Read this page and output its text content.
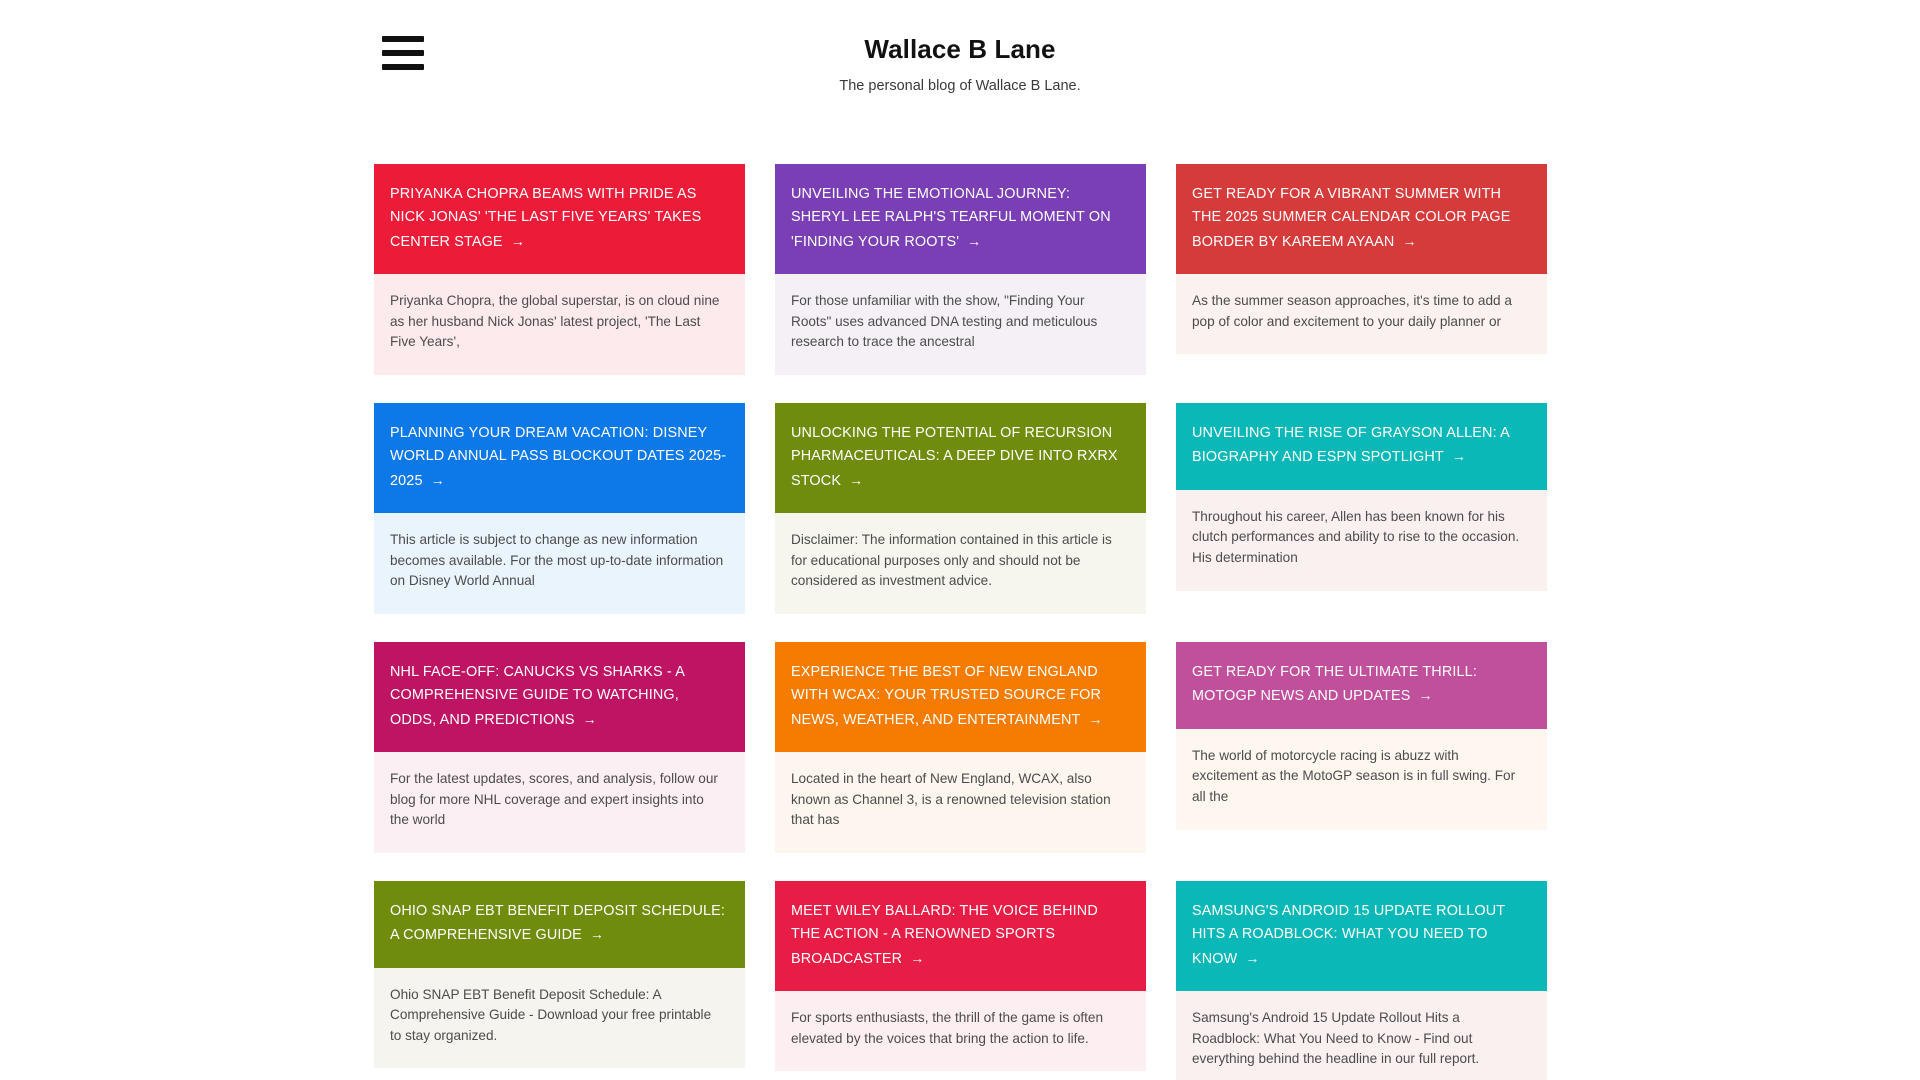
Wallace B Lane

The personal blog of Wallace B Lane.

PRIYANKA CHOPRA BEAMS WITH PRIDE AS NICK JONAS' 'THE LAST FIVE YEARS' TAKES CENTER STAGE →
Priyanka Chopra, the global superstar, is on cloud nine as her husband Nick Jonas' latest project, 'The Last Five Years',
UNVEILING THE EMOTIONAL JOURNEY: SHERYL LEE RALPH'S TEARFUL MOMENT ON 'FINDING YOUR ROOTS' →
For those unfamiliar with the show, "Finding Your Roots" uses advanced DNA testing and meticulous research to trace the ancestral
GET READY FOR A VIBRANT SUMMER WITH THE 2025 SUMMER CALENDAR COLOR PAGE BORDER BY KAREEM AYAAN →
As the summer season approaches, it's time to add a pop of color and excitement to your daily planner or
PLANNING YOUR DREAM VACATION: DISNEY WORLD ANNUAL PASS BLOCKOUT DATES 2025-2025 →
This article is subject to change as new information becomes available. For the most up-to-date information on Disney World Annual
UNLOCKING THE POTENTIAL OF RECURSION PHARMACEUTICALS: A DEEP DIVE INTO RXRX STOCK →
Disclaimer: The information contained in this article is for educational purposes only and should not be considered as investment advice.
UNVEILING THE RISE OF GRAYSON ALLEN: A BIOGRAPHY AND ESPN SPOTLIGHT →
Throughout his career, Allen has been known for his clutch performances and ability to rise to the occasion. His determination
NHL FACE-OFF: CANUCKS VS SHARKS - A COMPREHENSIVE GUIDE TO WATCHING, ODDS, AND PREDICTIONS →
For the latest updates, scores, and analysis, follow our blog for more NHL coverage and expert insights into the world
EXPERIENCE THE BEST OF NEW ENGLAND WITH WCAX: YOUR TRUSTED SOURCE FOR NEWS, WEATHER, AND ENTERTAINMENT →
Located in the heart of New England, WCAX, also known as Channel 3, is a renowned television station that has
GET READY FOR THE ULTIMATE THRILL: MOTOGP NEWS AND UPDATES →
The world of motorcycle racing is abuzz with excitement as the MotoGP season is in full swing. For all the
OHIO SNAP EBT BENEFIT DEPOSIT SCHEDULE: A COMPREHENSIVE GUIDE →
Ohio SNAP EBT Benefit Deposit Schedule: A Comprehensive Guide - Download your free printable to stay organized.
MEET WILEY BALLARD: THE VOICE BEHIND THE ACTION - A RENOWNED SPORTS BROADCASTER →
For sports enthusiasts, the thrill of the game is often elevated by the voices that bring the action to life.
SAMSUNG'S ANDROID 15 UPDATE ROLLOUT HITS A ROADBLOCK: WHAT YOU NEED TO KNOW →
Samsung's Android 15 Update Rollout Hits a Roadblock: What You Need to Know - Find out everything behind the headline in our full report.
